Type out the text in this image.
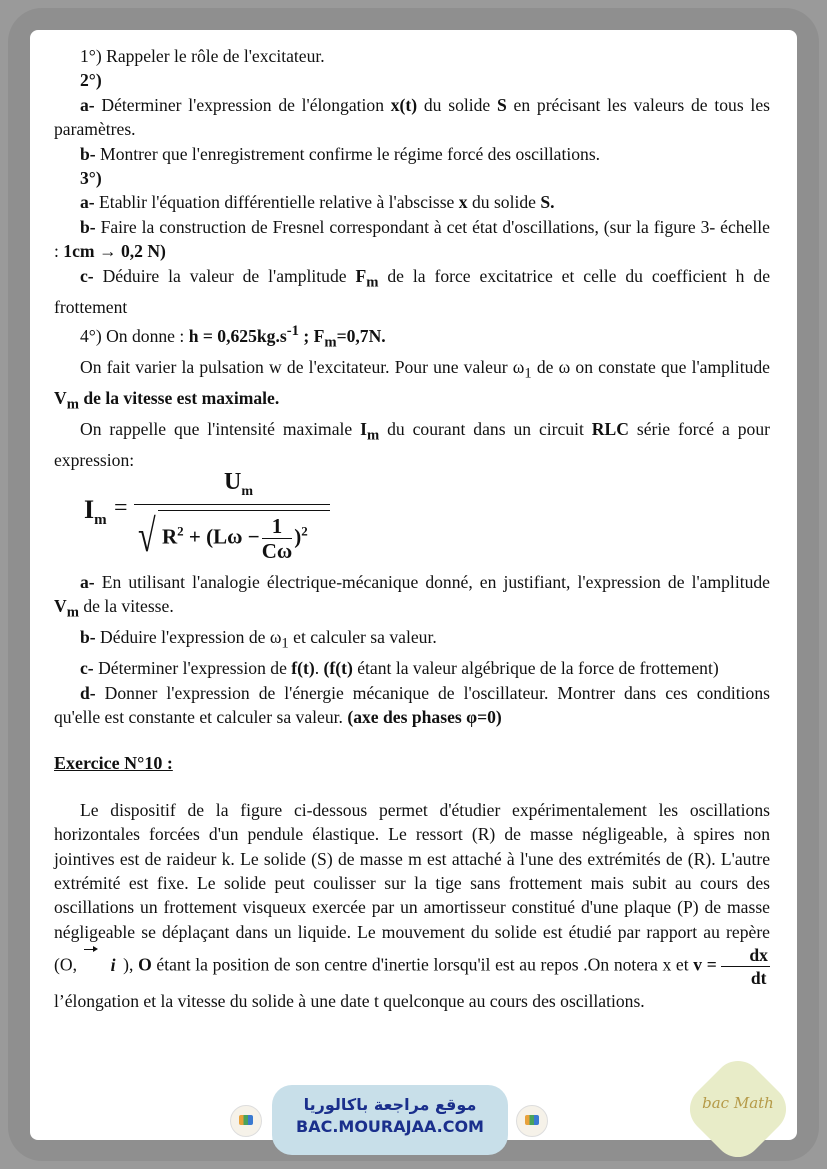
1°) Rappeler le rôle de l'excitateur.

2°)

a- Déterminer l'expression de l'élongation x(t) du solide S en précisant les valeurs de tous les paramètres.

b- Montrer que l'enregistrement confirme le régime forcé des oscillations.

3°)

a- Etablir l'équation différentielle relative à l'abscisse x du solide S.

b- Faire la construction de Fresnel correspondant à cet état d'oscillations, (sur la figure 3- échelle : 1cm → 0,2 N)

c- Déduire la valeur de l'amplitude $F_m$ de la force excitatrice et celle du coefficient h de frottement

4°) On donne : $h = 0,625kg.s^{-1}$ ; $F_m=0,7N$.

On fait varier la pulsation w de l'excitateur. Pour une valeur $\omega_1$ de ω on constate que l'amplitude $V_m$ de la vitesse est maximale.

On rappelle que l'intensité maximale $I_m$ du courant dans un circuit RLC série forcé a pour expression:

$I_m$ =
$U_m$
√ $R^2 + (L\omega - \frac{1}{C\omega} )^2$

a- En utilisant l'analogie électrique-mécanique donné, en justifiant, l'expression de l'amplitude $V_m$ de la vitesse.

b- Déduire l'expression de $\omega_1$ et calculer sa valeur.

c- Déterminer l'expression de f(t). (f(t) étant la valeur algébrique de la force de frottement)

d- Donner l'expression de l'énergie mécanique de l'oscillateur. Montrer dans ces conditions qu'elle est constante et calculer sa valeur. (axe des phases φ=0)

Exercice N°10 :

Le dispositif de la figure ci-dessous permet d'étudier expérimentalement les oscillations horizontales forcées d'un pendule élastique. Le ressort (R) de masse négligeable, à spires non jointives est de raideur k. Le solide (S) de masse m est attaché à l'une des extrémités de (R). L'autre extrémité est fixe. Le solide peut coulisser sur la tige sans frottement mais subit au cours des oscillations un frottement visqueux exercée par un amortisseur constitué d'une plaque (P) de masse négligeable se déplaçant dans un liquide. Le mouvement du solide est étudié par rapport au repère (O, i ), O étant la position de son centre d'inertie lorsqu'il est au repos .On notera x et $v = \frac{dx}{dt}$
l’élongation et la vitesse du solide à une date t quelconque au cours des oscillations.

موقع مراجعة باكالوريا
BAC.MOURAJAA.COM
bac Math
